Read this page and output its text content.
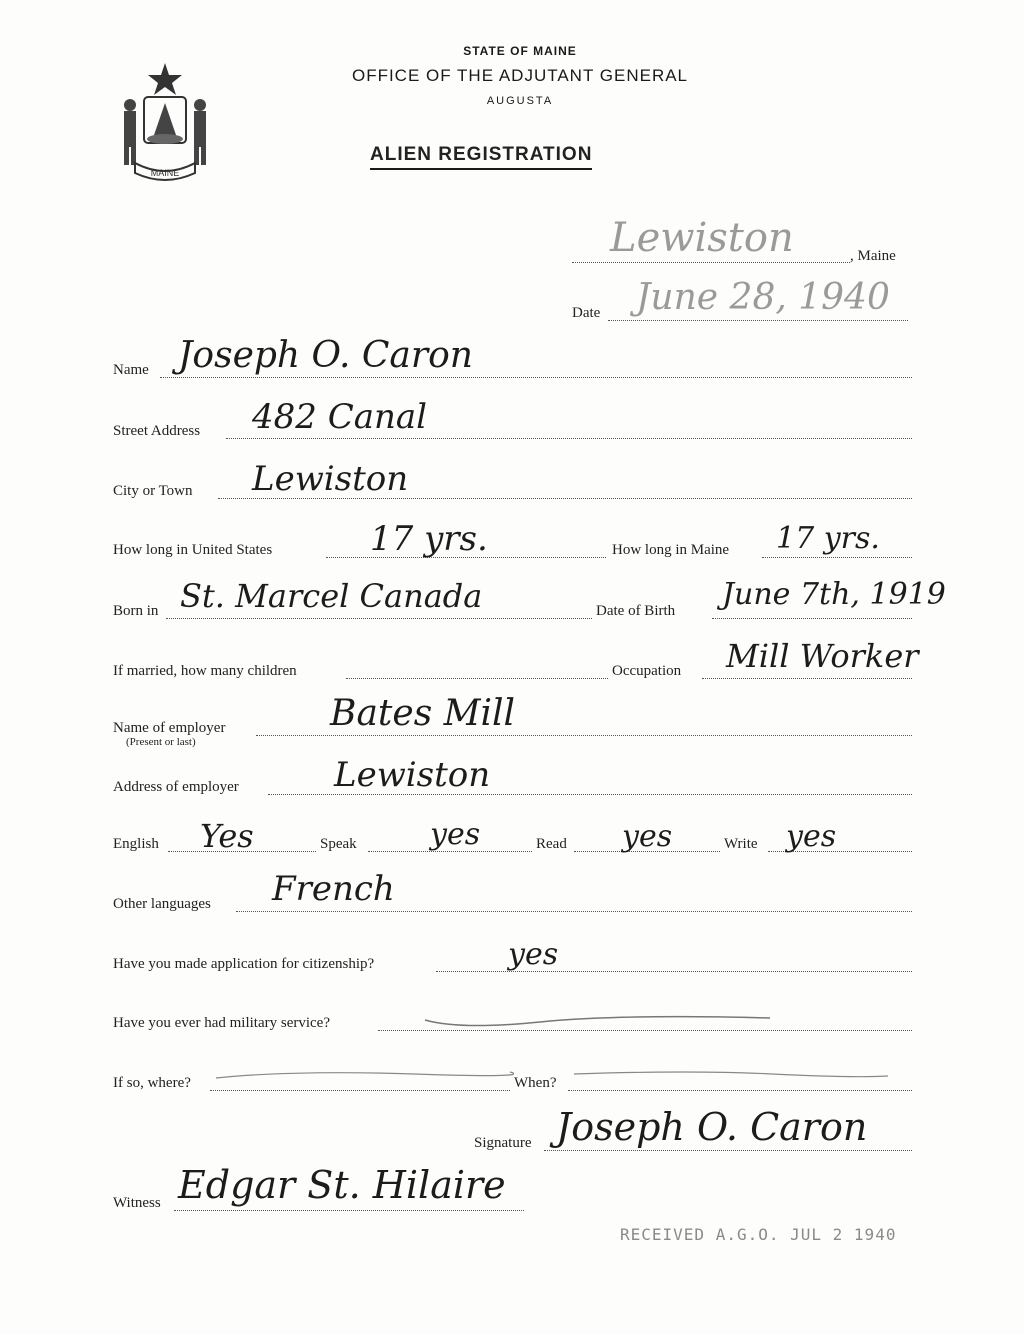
MAINE
STATE OF MAINE
OFFICE OF THE ADJUTANT GENERAL
AUGUSTA
ALIEN REGISTRATION
Lewiston	, Maine
Date June 28, 1940
Name Joseph O. Caron
Street Address 482 Canal
City or Town Lewiston
How long in United States	17 yrs.	How long in Maine 17 yrs.
Born in St. Marcel Canada	Date of Birth June 7th, 1919
If married, how many children	Occupation Mill Worker
Name of employer
(Present or last)
Bates Mill
Address of employer	Lewiston
English Yes	Speak yes	Read yes	Write yes
Other languages French
Have you made application for citizenship?	yes
Have you ever had military service?
If so, where?	When?
Signature Joseph O. Caron
Witness Edgar St. Hilaire
RECEIVED A.G.O. JUL 2 1940
